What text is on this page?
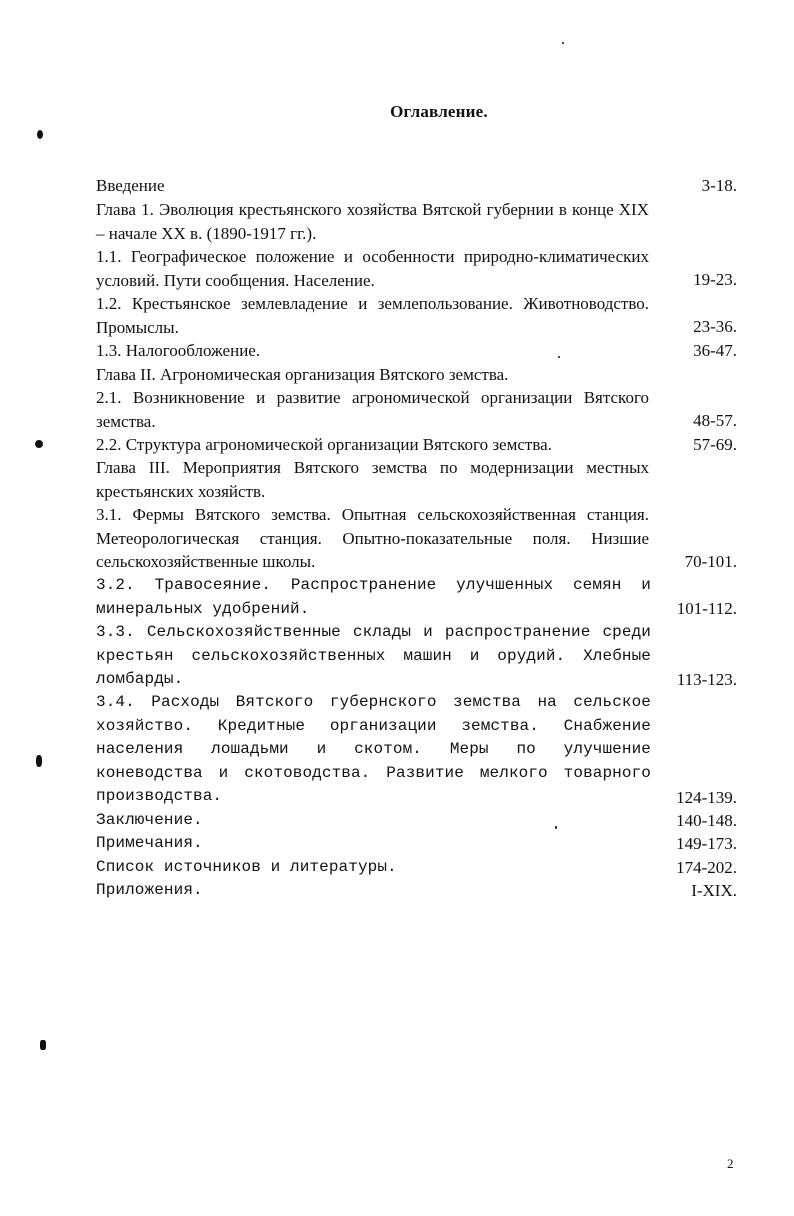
Оглавление.
Введение	3-18.
Глава 1. Эволюция крестьянского хозяйства Вятской губернии в конце XIX – начале XX в. (1890-1917 гг.).
1.1. Географическое положение и особенности природно-климатических условий. Пути сообщения. Население.	19-23.
1.2. Крестьянское землевладение и землепользование. Животноводство. Промыслы.	23-36.
1.3. Налогообложение.	36-47.
Глава II. Агрономическая организация Вятского земства.
2.1. Возникновение и развитие агрономической организации Вятского земства.	48-57.
2.2. Структура агрономической организации Вятского земства.	57-69.
Глава III. Мероприятия Вятского земства по модернизации местных крестьянских хозяйств.
3.1. Фермы Вятского земства. Опытная сельскохозяйственная станция. Метеорологическая станция. Опытно-показательные поля. Низшие сельскохозяйственные школы.	70-101.
3.2. Травосеяние. Распространение улучшенных семян и минеральных удобрений.	101-112.
3.3. Сельскохозяйственные склады и распространение среди крестьян сельскохозяйственных машин и орудий. Хлебные ломбарды.	113-123.
3.4. Расходы Вятского губернского земства на сельское хозяйство. Кредитные организации земства. Снабжение населения лошадьми и скотом. Меры по улучшение коневодства и скотоводства. Развитие мелкого товарного производства.	124-139.
Заключение.	140-148.
Примечания.	149-173.
Список источников и литературы.	174-202.
Приложения.	I-XIX.
2
